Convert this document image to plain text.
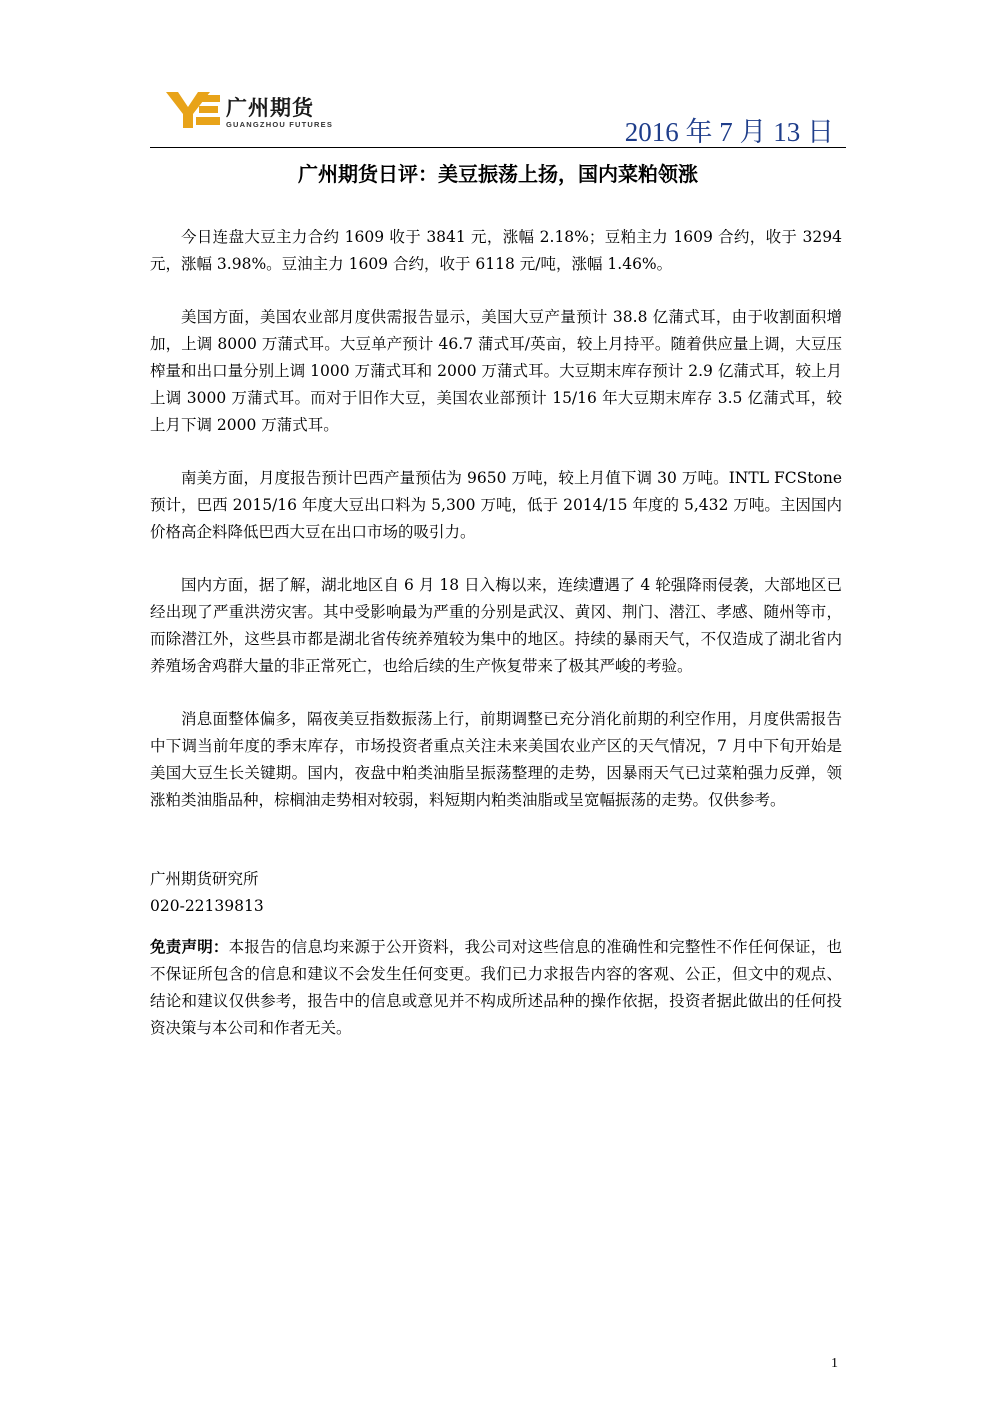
广州期货
GUANGZHOU FUTURES	2016 年 7 月 13 日
广州期货日评：美豆振荡上扬，国内菜粕领涨

今日连盘大豆主力合约 1609 收于 3841 元，涨幅 2.18%；豆粕主力 1609 合约，收于 3294 元，涨幅 3.98%。豆油主力 1609 合约，收于 6118 元/吨，涨幅 1.46%。

美国方面，美国农业部月度供需报告显示，美国大豆产量预计 38.8 亿蒲式耳，由于收割面积增加，上调 8000 万蒲式耳。大豆单产预计 46.7 蒲式耳/英亩，较上月持平。随着供应量上调，大豆压榨量和出口量分别上调 1000 万蒲式耳和 2000 万蒲式耳。大豆期末库存预计 2.9 亿蒲式耳，较上月上调 3000 万蒲式耳。而对于旧作大豆，美国农业部预计 15/16 年大豆期末库存 3.5 亿蒲式耳，较上月下调 2000 万蒲式耳。

南美方面，月度报告预计巴西产量预估为 9650 万吨，较上月值下调 30 万吨。INTL FCStone 预计，巴西 2015/16 年度大豆出口料为 5,300 万吨，低于 2014/15 年度的 5,432 万吨。主因国内价格高企料降低巴西大豆在出口市场的吸引力。

国内方面，据了解，湖北地区自 6 月 18 日入梅以来，连续遭遇了 4 轮强降雨侵袭，大部地区已经出现了严重洪涝灾害。其中受影响最为严重的分别是武汉、黄冈、荆门、潜江、孝感、随州等市，而除潜江外，这些县市都是湖北省传统养殖较为集中的地区。持续的暴雨天气，不仅造成了湖北省内养殖场舍鸡群大量的非正常死亡，也给后续的生产恢复带来了极其严峻的考验。

消息面整体偏多，隔夜美豆指数振荡上行，前期调整已充分消化前期的利空作用，月度供需报告中下调当前年度的季末库存，市场投资者重点关注未来美国农业产区的天气情况，7 月中下旬开始是美国大豆生长关键期。国内，夜盘中粕类油脂呈振荡整理的走势，因暴雨天气已过菜粕强力反弹，领涨粕类油脂品种，棕榈油走势相对较弱，料短期内粕类油脂或呈宽幅振荡的走势。仅供参考。

广州期货研究所
020-22139813

免责声明：本报告的信息均来源于公开资料，我公司对这些信息的准确性和完整性不作任何保证，也不保证所包含的信息和建议不会发生任何变更。我们已力求报告内容的客观、公正，但文中的观点、结论和建议仅供参考，报告中的信息或意见并不构成所述品种的操作依据，投资者据此做出的任何投资决策与本公司和作者无关。

1
